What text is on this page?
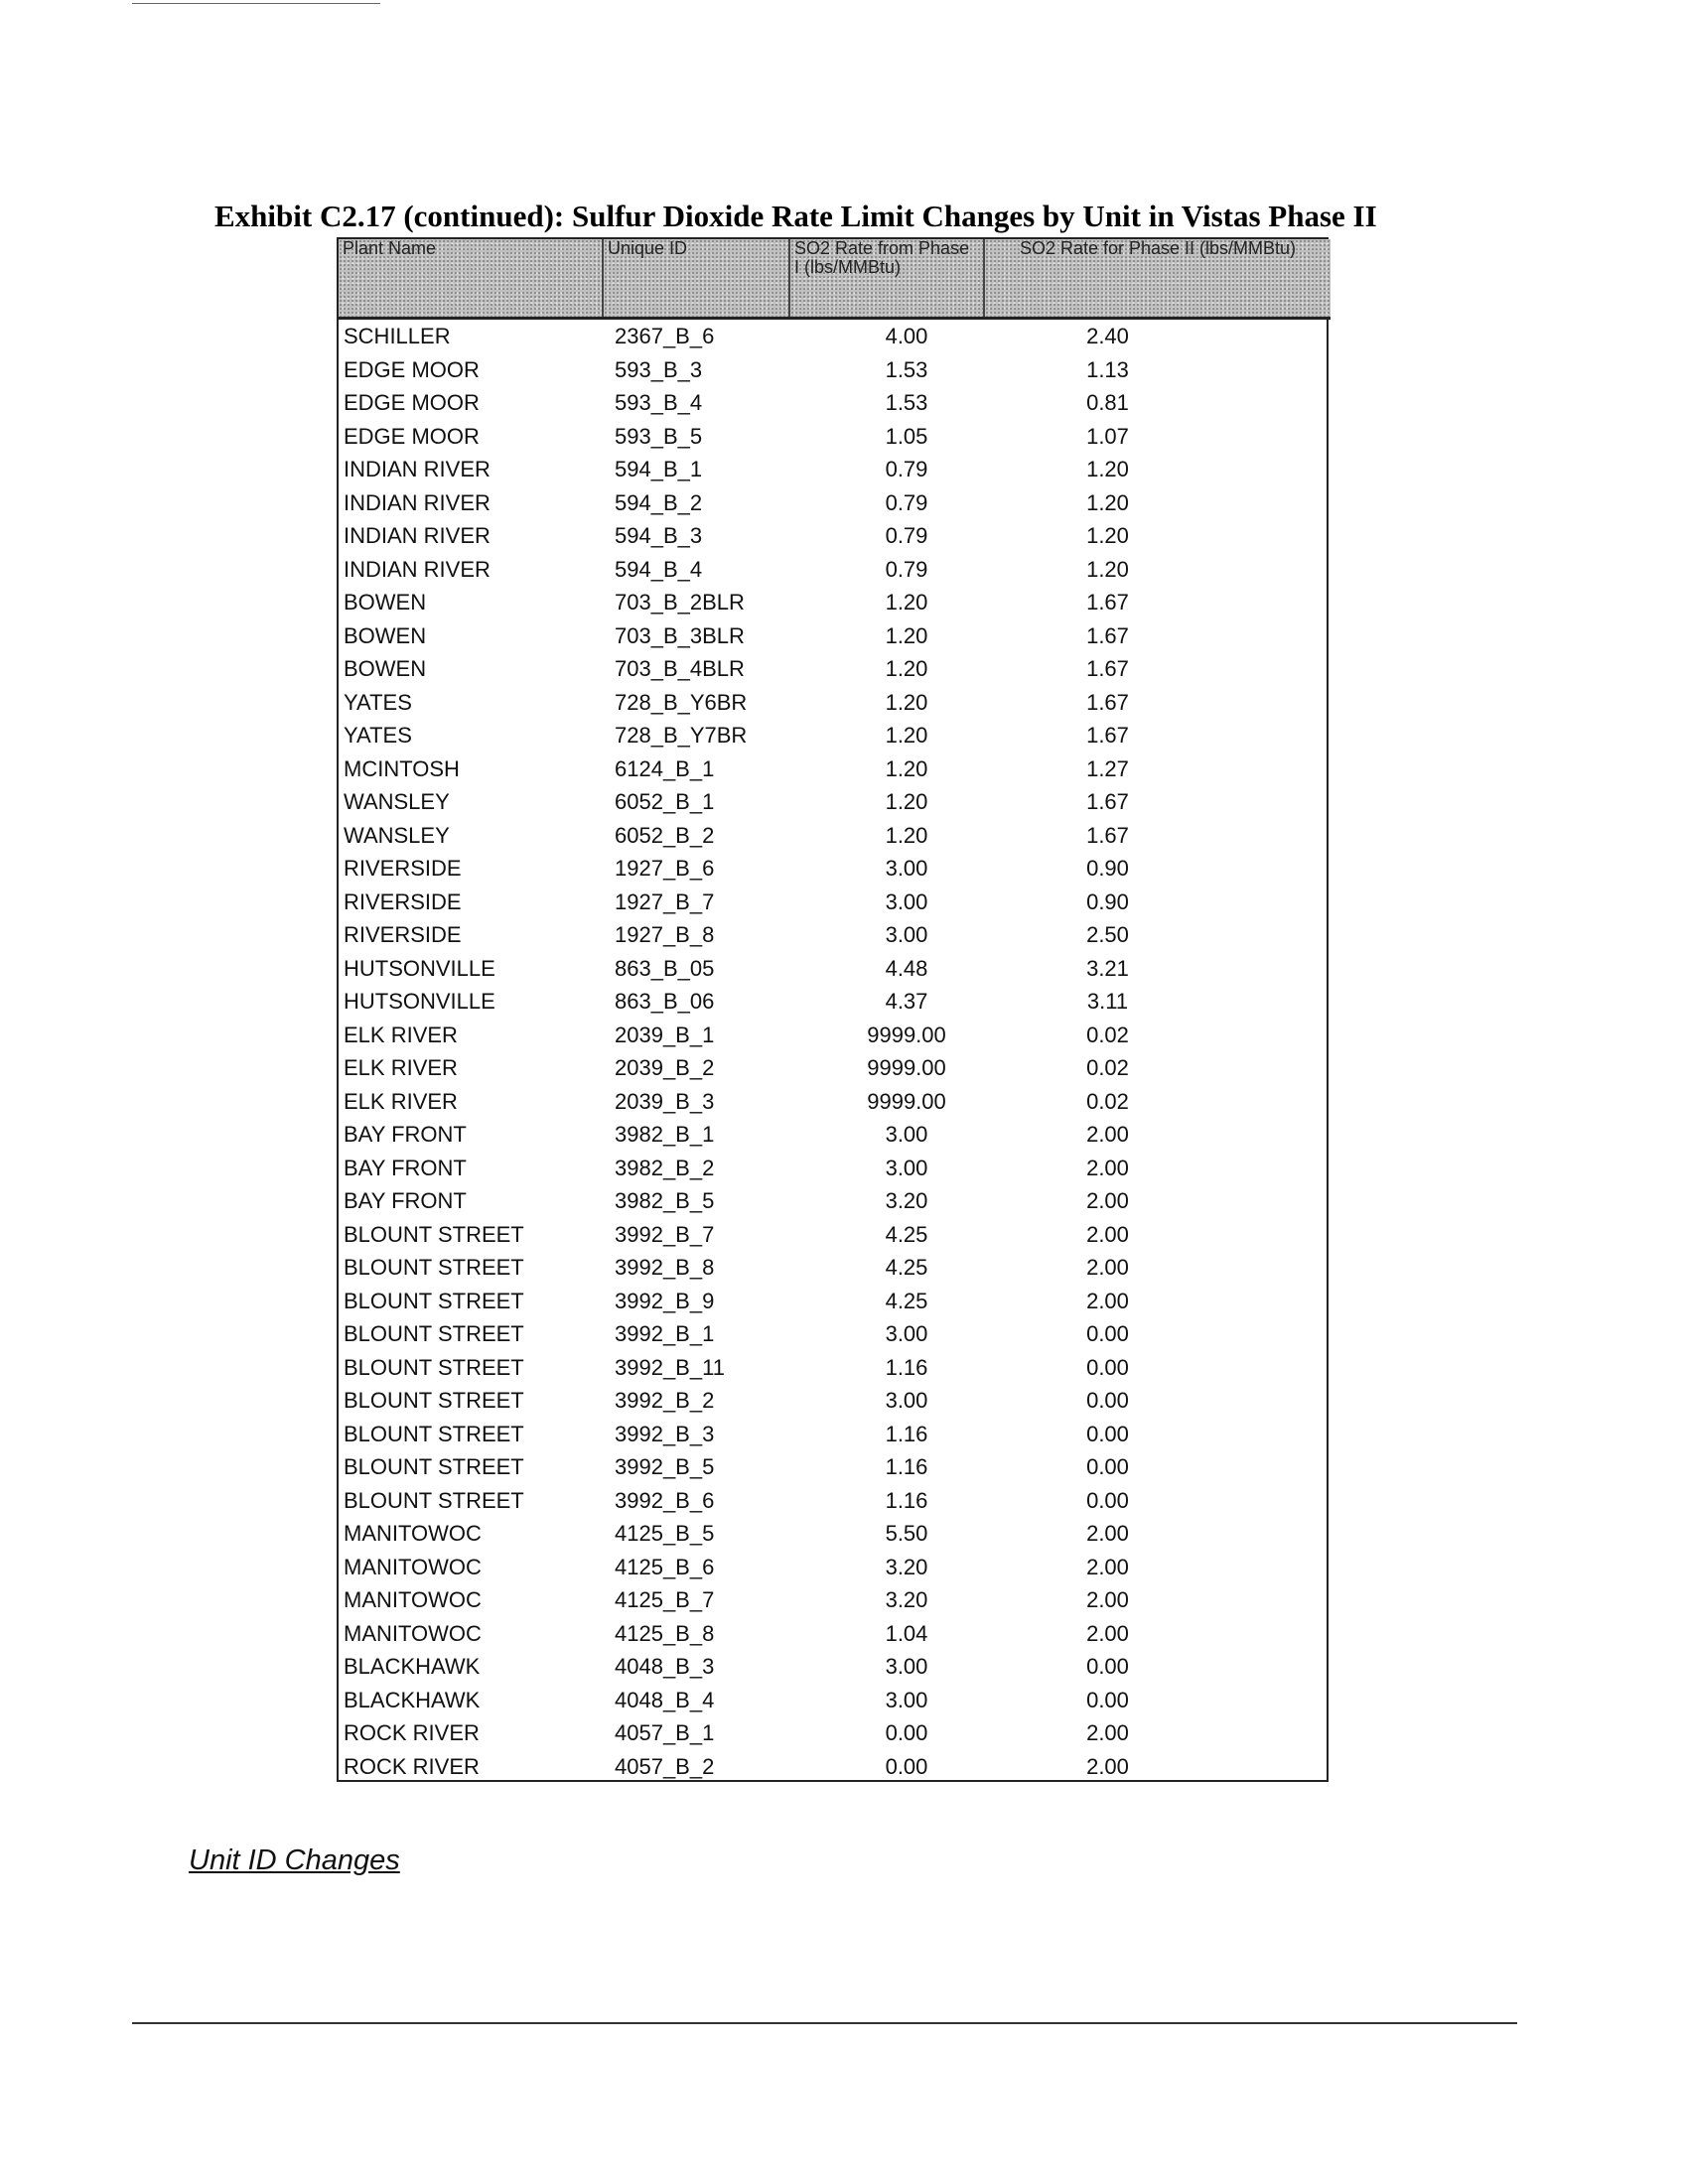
Exhibit C2.17 (continued): Sulfur Dioxide Rate Limit Changes by Unit in Vistas Phase II
Plant Name	Unique ID	SO2 Rate from Phase I (lbs/MMBtu)	SO2 Rate for Phase II (lbs/MMBtu)
SCHILLER	2367_B_6	4.00	2.40
EDGE MOOR	593_B_3	1.53	1.13
EDGE MOOR	593_B_4	1.53	0.81
EDGE MOOR	593_B_5	1.05	1.07
INDIAN RIVER	594_B_1	0.79	1.20
INDIAN RIVER	594_B_2	0.79	1.20
INDIAN RIVER	594_B_3	0.79	1.20
INDIAN RIVER	594_B_4	0.79	1.20
BOWEN	703_B_2BLR	1.20	1.67
BOWEN	703_B_3BLR	1.20	1.67
BOWEN	703_B_4BLR	1.20	1.67
YATES	728_B_Y6BR	1.20	1.67
YATES	728_B_Y7BR	1.20	1.67
MCINTOSH	6124_B_1	1.20	1.27
WANSLEY	6052_B_1	1.20	1.67
WANSLEY	6052_B_2	1.20	1.67
RIVERSIDE	1927_B_6	3.00	0.90
RIVERSIDE	1927_B_7	3.00	0.90
RIVERSIDE	1927_B_8	3.00	2.50
HUTSONVILLE	863_B_05	4.48	3.21
HUTSONVILLE	863_B_06	4.37	3.11
ELK RIVER	2039_B_1	9999.00	0.02
ELK RIVER	2039_B_2	9999.00	0.02
ELK RIVER	2039_B_3	9999.00	0.02
BAY FRONT	3982_B_1	3.00	2.00
BAY FRONT	3982_B_2	3.00	2.00
BAY FRONT	3982_B_5	3.20	2.00
BLOUNT STREET	3992_B_7	4.25	2.00
BLOUNT STREET	3992_B_8	4.25	2.00
BLOUNT STREET	3992_B_9	4.25	2.00
BLOUNT STREET	3992_B_1	3.00	0.00
BLOUNT STREET	3992_B_11	1.16	0.00
BLOUNT STREET	3992_B_2	3.00	0.00
BLOUNT STREET	3992_B_3	1.16	0.00
BLOUNT STREET	3992_B_5	1.16	0.00
BLOUNT STREET	3992_B_6	1.16	0.00
MANITOWOC	4125_B_5	5.50	2.00
MANITOWOC	4125_B_6	3.20	2.00
MANITOWOC	4125_B_7	3.20	2.00
MANITOWOC	4125_B_8	1.04	2.00
BLACKHAWK	4048_B_3	3.00	0.00
BLACKHAWK	4048_B_4	3.00	0.00
ROCK RIVER	4057_B_1	0.00	2.00
ROCK RIVER	4057_B_2	0.00	2.00
Unit ID Changes
